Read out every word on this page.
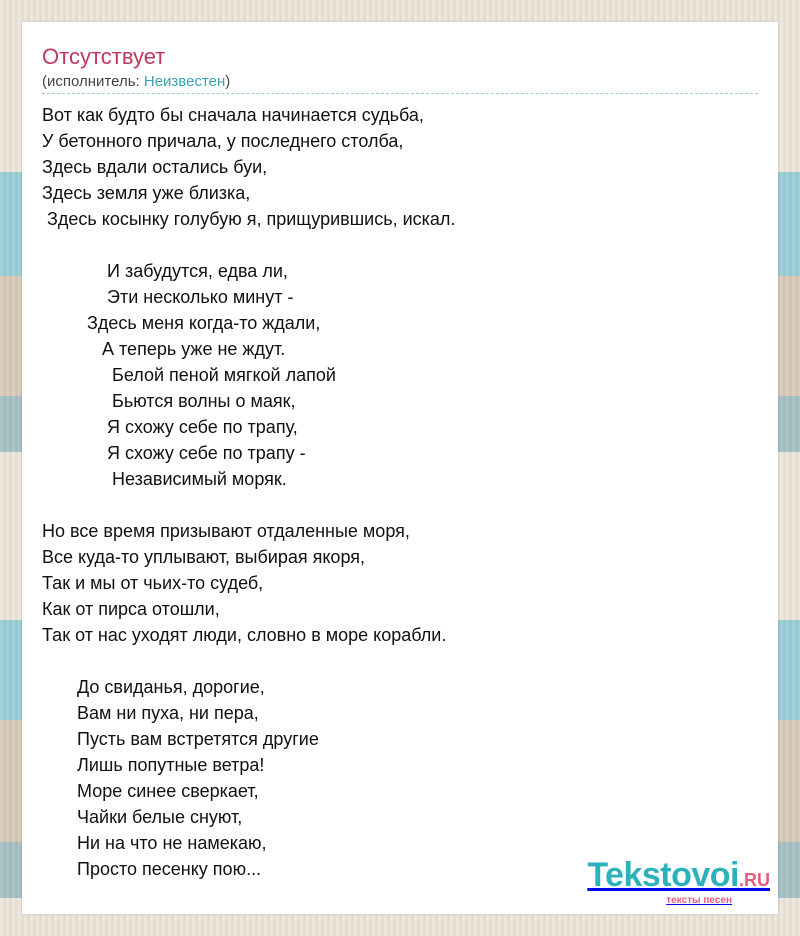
Отсутствует
(исполнитель: Неизвестен)
Вот как будто бы сначала начинается судьба,
У бетонного причала, у последнего столба,
Здесь вдали остались буи,
Здесь земля уже близка,
Здесь косынку голубую я, прищурившись, искал.

И забудутся, едва ли,
Эти несколько минут -
Здесь меня когда-то ждали,
А теперь уже не ждут.
Белой пеной мягкой лапой
Бьются волны о маяк,
Я схожу себе по трапу,
Я схожу себе по трапу -
Независимый моряк.

Но все время призывают отдаленные моря,
Все куда-то уплывают, выбирая якоря,
Так и мы от чьих-то судеб,
Как от пирса отошли,
Так от нас уходят люди, словно в море корабли.

До свиданья, дорогие,
Вам ни пуха, ни пера,
Пусть вам встретятся другие
Лишь попутные ветра!
Море синее сверкает,
Чайки белые снуют,
Ни на что не намекаю,
Просто песенку пою...	Tekstovoi.RU
тексты песен
